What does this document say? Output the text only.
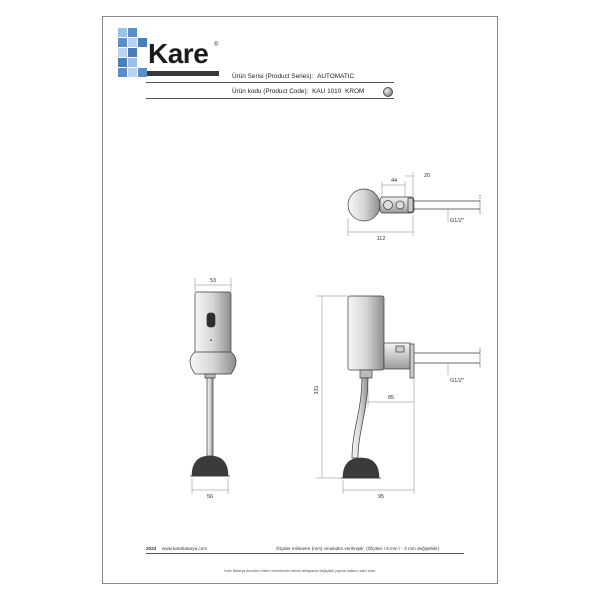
Kare ®
Ürün Serisi (Product Series): AUTOMATIC
Ürün kodu (Product Code): KAU 1010 KROM
44
20
112
G1/2"
■
53
56
331
85
95
G1/2"
2023 www.karebatarya.com	Ölçüler milimetre (mm) cinsinden verilmiştir. (Ölçüler +3 mm / - 3 mm değişebilir)
Kare Batarya önceden haber vermeksizin teknik detaylarda değişiklik yapma hakkını saklı tutar.
